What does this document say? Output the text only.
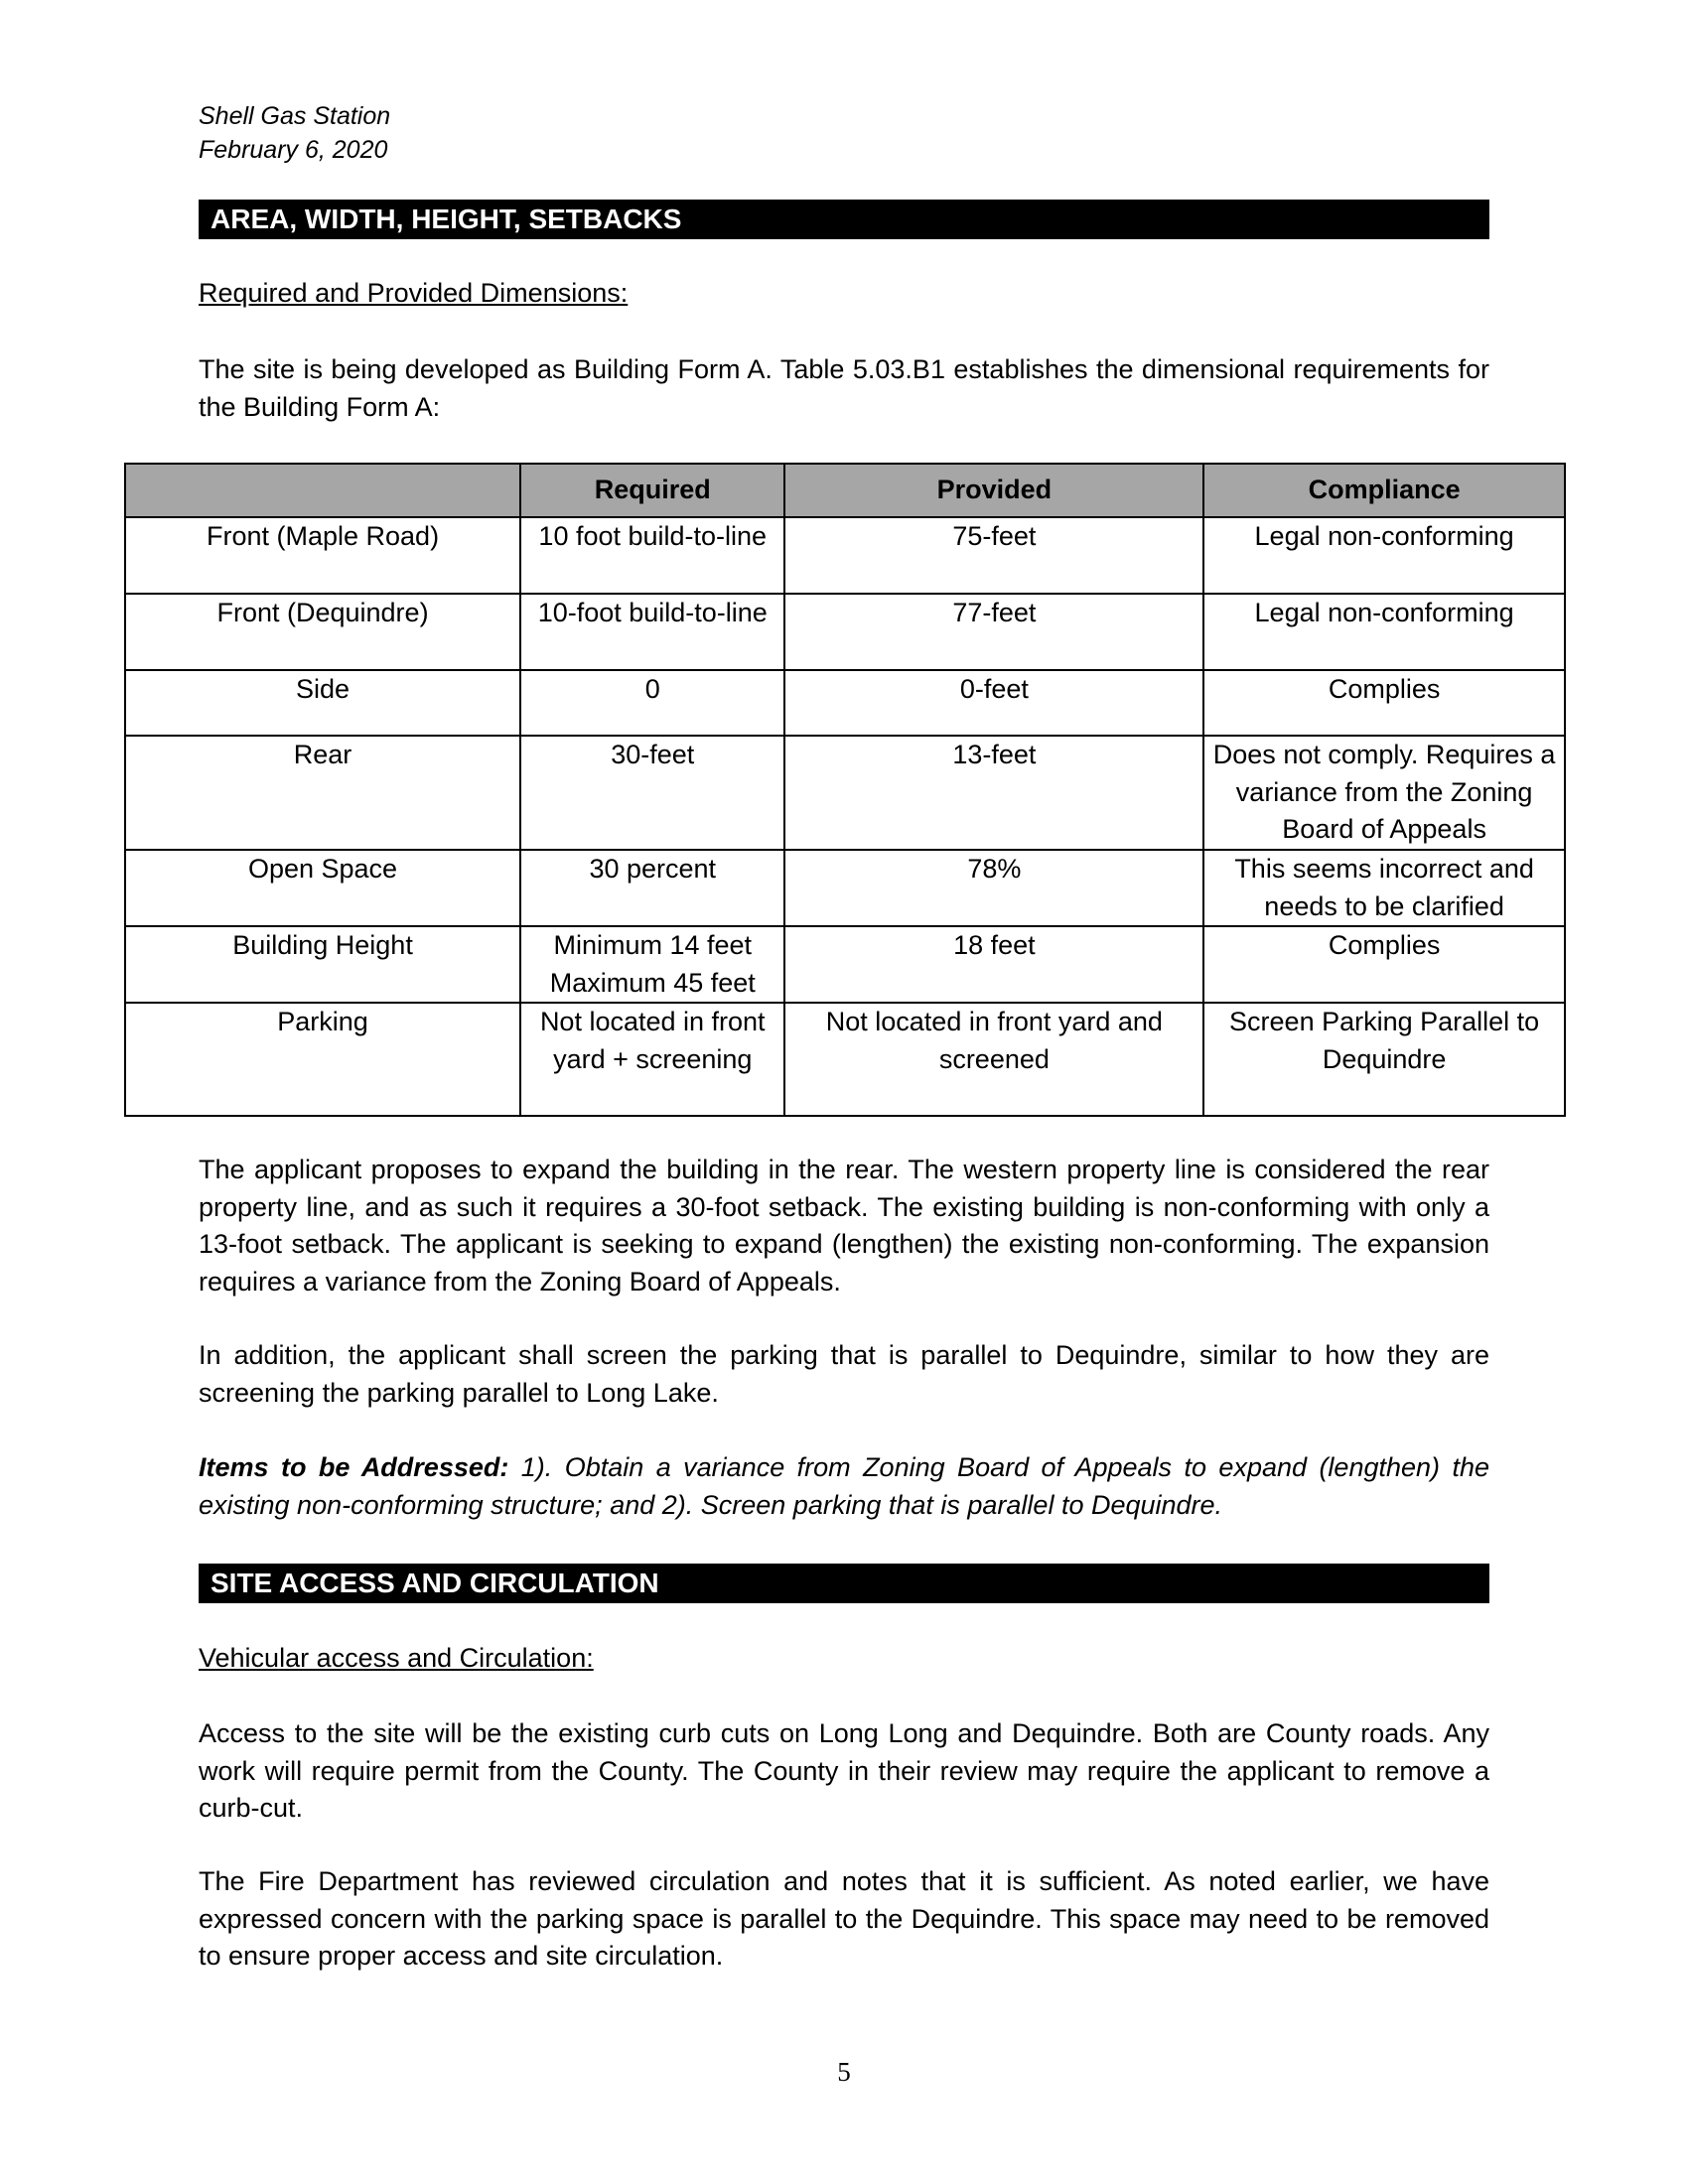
Shell Gas Station
February 6, 2020
AREA, WIDTH, HEIGHT, SETBACKS
Required and Provided Dimensions:
The site is being developed as Building Form A. Table 5.03.B1 establishes the dimensional requirements for the Building Form A:
	Required	Provided	Compliance
Front (Maple Road)	10 foot build-to-line	75-feet	Legal non-conforming
Front (Dequindre)	10-foot build-to-line	77-feet	Legal non-conforming
Side	0	0-feet	Complies
Rear	30-feet	13-feet	Does not comply. Requires a variance from the Zoning Board of Appeals
Open Space	30 percent	78%	This seems incorrect and needs to be clarified
Building Height	Minimum 14 feet Maximum 45 feet	18 feet	Complies
Parking	Not located in front yard + screening	Not located in front yard and screened	Screen Parking Parallel to Dequindre
The applicant proposes to expand the building in the rear. The western property line is considered the rear property line, and as such it requires a 30-foot setback. The existing building is non-conforming with only a 13-foot setback. The applicant is seeking to expand (lengthen) the existing non-conforming. The expansion requires a variance from the Zoning Board of Appeals.
In addition, the applicant shall screen the parking that is parallel to Dequindre, similar to how they are screening the parking parallel to Long Lake.
Items to be Addressed: 1). Obtain a variance from Zoning Board of Appeals to expand (lengthen) the existing non-conforming structure; and 2). Screen parking that is parallel to Dequindre.
SITE ACCESS AND CIRCULATION
Vehicular access and Circulation:
Access to the site will be the existing curb cuts on Long Long and Dequindre. Both are County roads. Any work will require permit from the County. The County in their review may require the applicant to remove a curb-cut.
The Fire Department has reviewed circulation and notes that it is sufficient. As noted earlier, we have expressed concern with the parking space is parallel to the Dequindre. This space may need to be removed to ensure proper access and site circulation.
5
